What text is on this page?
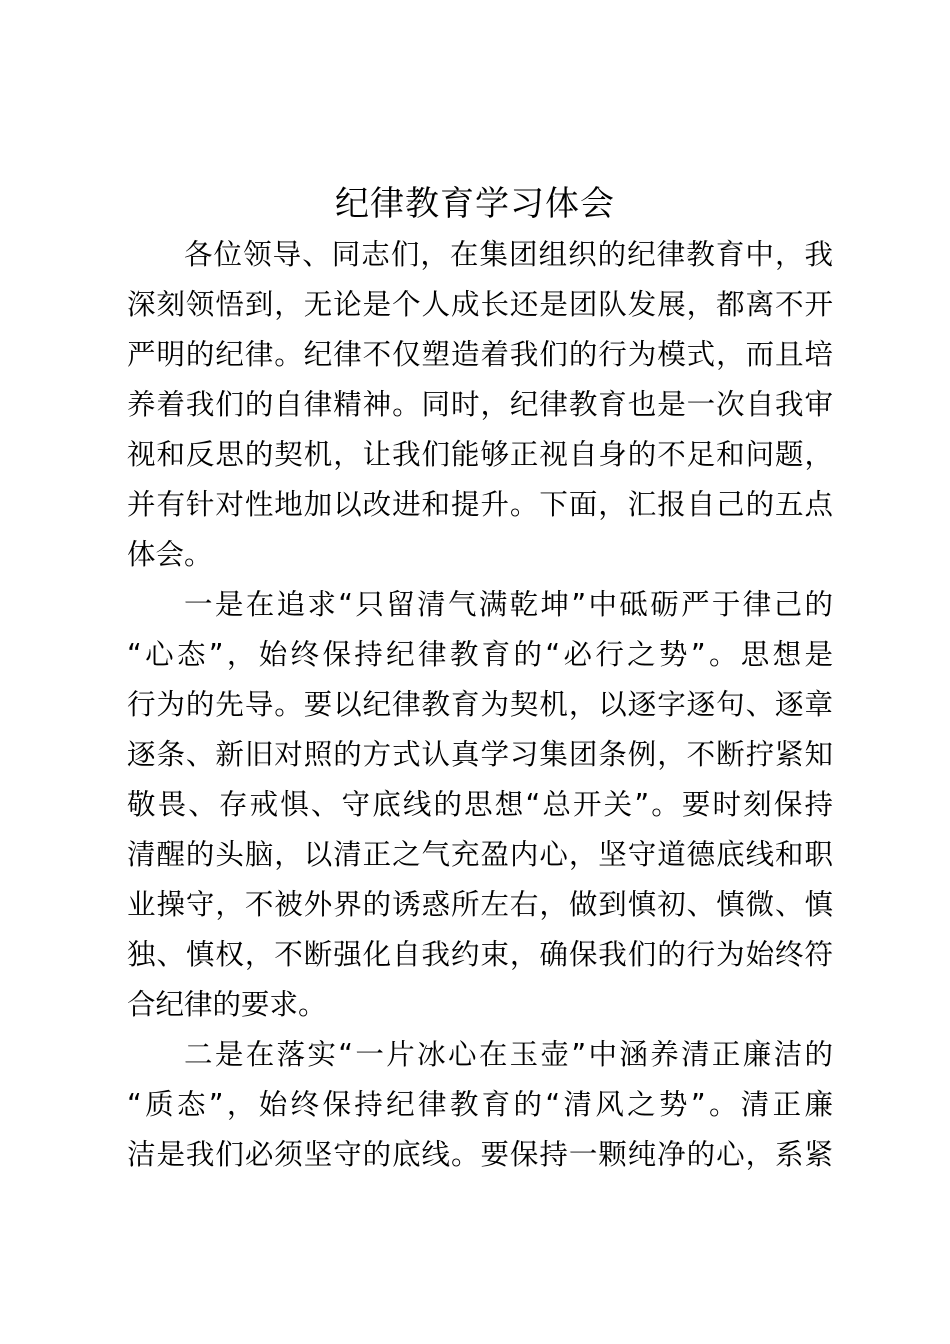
纪律教育学习体会
各位领导、同志们，在集团组织的纪律教育中，我
深刻领悟到，无论是个人成长还是团队发展，都离不开
严明的纪律。纪律不仅塑造着我们的行为模式，而且培
养着我们的自律精神。同时，纪律教育也是一次自我审
视和反思的契机，让我们能够正视自身的不足和问题，
并有针对性地加以改进和提升。下面，汇报自己的五点
体会。
一是在追求“只留清气满乾坤”中砥砺严于律己的
“心态”，始终保持纪律教育的“必行之势”。思想是
行为的先导。要以纪律教育为契机，以逐字逐句、逐章
逐条、新旧对照的方式认真学习集团条例，不断拧紧知
敬畏、存戒惧、守底线的思想“总开关”。要时刻保持
清醒的头脑，以清正之气充盈内心，坚守道德底线和职
业操守，不被外界的诱惑所左右，做到慎初、慎微、慎
独、慎权，不断强化自我约束，确保我们的行为始终符
合纪律的要求。
二是在落实“一片冰心在玉壶”中涵养清正廉洁的
“质态”，始终保持纪律教育的“清风之势”。清正廉
洁是我们必须坚守的底线。要保持一颗纯净的心，系紧
